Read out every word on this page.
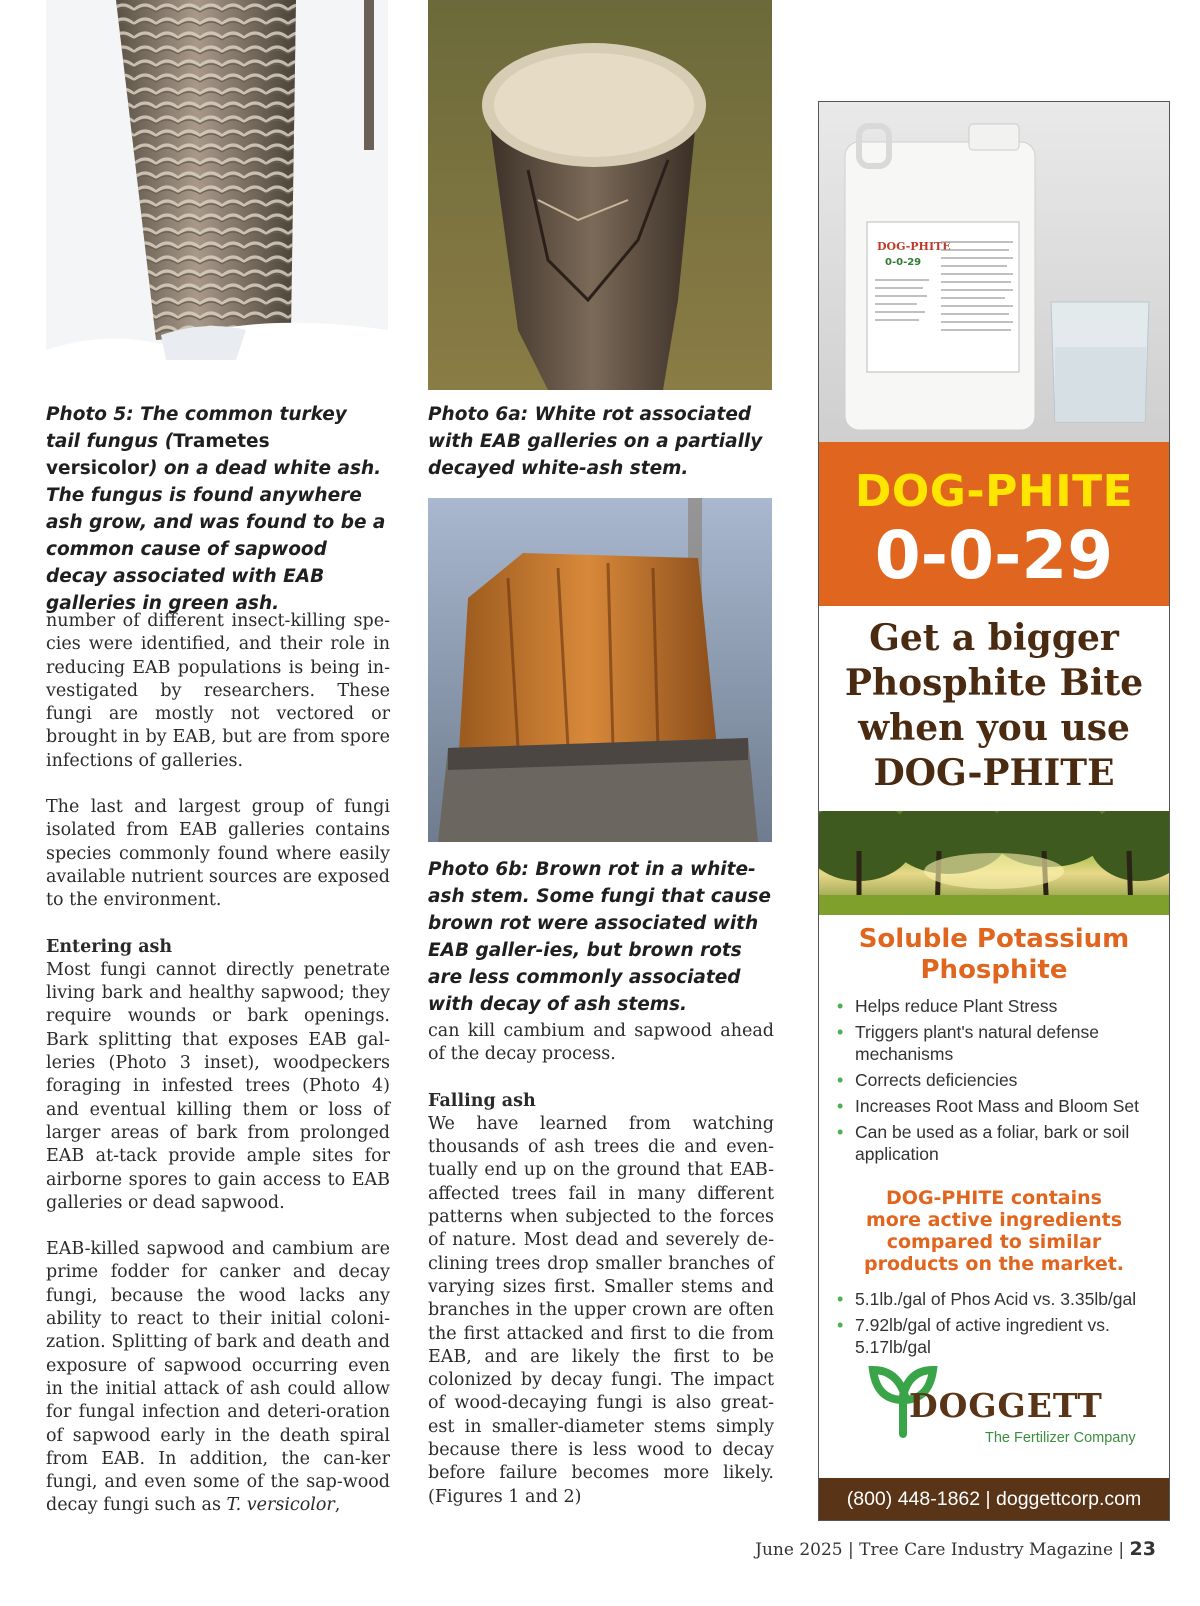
Photo 5: The common turkey tail fungus (Trametes versicolor) on a dead white ash. The fungus is found anywhere ash grow, and was found to be a common cause of sapwood decay associated with EAB galleries in green ash.
Photo 6a: White rot associated with EAB galleries on a partially decayed white-ash stem.
Photo 6b: Brown rot in a white-ash stem. Some fungi that cause brown rot were associated with EAB galler-ies, but brown rots are less commonly associated with decay of ash stems.

number of different insect-killing spe-cies were identified, and their role in reducing EAB populations is being in-vestigated by researchers. These fungi are mostly not vectored or brought in by EAB, but are from spore infections of galleries.

The last and largest group of fungi isolated from EAB galleries contains species commonly found where easily available nutrient sources are exposed to the environment.

Entering ash

Most fungi cannot directly penetrate living bark and healthy sapwood; they require wounds or bark openings. Bark splitting that exposes EAB gal-leries (Photo 3 inset), woodpeckers foraging in infested trees (Photo 4) and eventual killing them or loss of larger areas of bark from prolonged EAB at-tack provide ample sites for airborne spores to gain access to EAB galleries or dead sapwood.

EAB-killed sapwood and cambium are prime fodder for canker and decay fungi, because the wood lacks any ability to react to their initial coloni-zation. Splitting of bark and death and exposure of sapwood occurring even in the initial attack of ash could allow for fungal infection and deteri-oration of sapwood early in the death spiral from EAB. In addition, the can-ker fungi, and even some of the sap-wood decay fungi such as T. versicolor,

can kill cambium and sapwood ahead of the decay process.

Falling ash

We have learned from watching thousands of ash trees die and even-tually end up on the ground that EAB-affected trees fail in many different patterns when subjected to the forces of nature. Most dead and severely de-clining trees drop smaller branches of varying sizes first. Smaller stems and branches in the upper crown are often the first attacked and first to die from EAB, and are likely the first to be colonized by decay fungi. The impact of wood-decaying fungi is also great-est in smaller-diameter stems simply because there is less wood to decay before failure becomes more likely. (Figures 1 and 2)

DOG-PHITE
0-0-29
DOG-PHITE
0-0-29
Get a bigger
Phosphite Bite
when you use
DOG-PHITE
Soluble Potassium
Phosphite
• Helps reduce Plant Stress
• Triggers plant's natural defense mechanisms
• Corrects deficiencies
• Increases Root Mass and Bloom Set
• Can be used as a foliar, bark or soil application
DOG-PHITE contains
more active ingredients
compared to similar
products on the market.
• 5.1lb./gal of Phos Acid vs. 3.35lb/gal
• 7.92lb/gal of active ingredient vs. 5.17lb/gal
DOGGETT
The Fertilizer Company
(800) 448-1862 | doggettcorp.com
June 2025 | Tree Care Industry Magazine | 23
